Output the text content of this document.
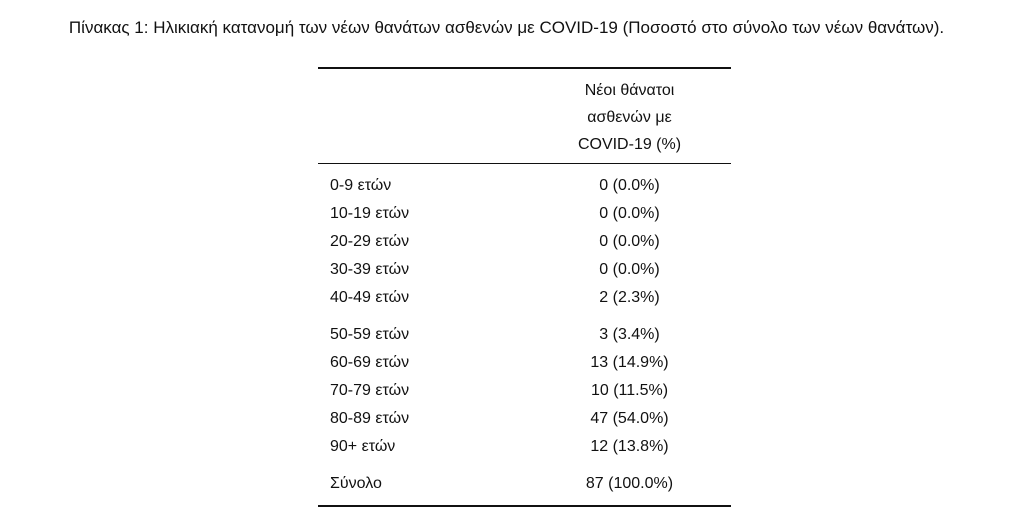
Πίνακας 1: Ηλικιακή κατανομή των νέων θανάτων ασθενών με COVID-19 (Ποσοστό στο σύνολο των νέων θανάτων).
Νέοι θάνατοι
ασθενών με
COVID-19 (%)
0-9 ετών	0 (0.0%)
10-19 ετών	0 (0.0%)
20-29 ετών	0 (0.0%)
30-39 ετών	0 (0.0%)
40-49 ετών	2 (2.3%)
50-59 ετών	3 (3.4%)
60-69 ετών	13 (14.9%)
70-79 ετών	10 (11.5%)
80-89 ετών	47 (54.0%)
90+ ετών	12 (13.8%)
Σύνολο	87 (100.0%)
